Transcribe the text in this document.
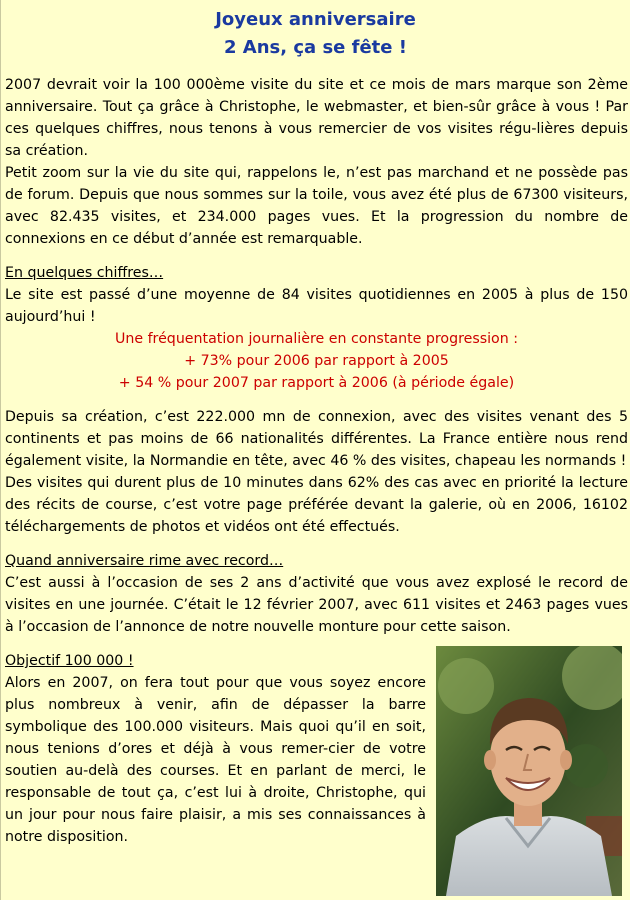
Joyeux anniversaire
2 Ans, ça se fête !

2007 devrait voir la 100 000ème visite du site et ce mois de mars marque son 2ème anniversaire. Tout ça grâce à Christophe, le webmaster, et bien-sûr grâce à vous ! Par ces quelques chiffres, nous tenons à vous remercier de vos visites régu-lières depuis sa création.

Petit zoom sur la vie du site qui, rappelons le, n’est pas marchand et ne possède pas de forum. Depuis que nous sommes sur la toile, vous avez été plus de 67300 visiteurs, avec 82.435 visites, et 234.000 pages vues. Et la progression du nombre de connexions en ce début d’année est remarquable.

En quelques chiffres…

Le site est passé d’une moyenne de 84 visites quotidiennes en 2005 à plus de 150 aujourd’hui !

Une fréquentation journalière en constante progression :
+ 73% pour 2006 par rapport à 2005
+ 54 % pour 2007 par rapport à 2006 (à période égale)

Depuis sa création, c’est 222.000 mn de connexion, avec des visites venant des 5 continents et pas moins de 66 nationalités différentes. La France entière nous rend également visite, la Normandie en tête, avec 46 % des visites, chapeau les normands !

Des visites qui durent plus de 10 minutes dans 62% des cas avec en priorité la lecture des récits de course, c’est votre page préférée devant la galerie, où en 2006, 16102 téléchargements de photos et vidéos ont été effectués.

Quand anniversaire rime avec record…

C’est aussi à l’occasion de ses 2 ans d’activité que vous avez explosé le record de visites en une journée. C’était le 12 février 2007, avec 611 visites et 2463 pages vues à l’occasion de l’annonce de notre nouvelle monture pour cette saison.

Objectif 100 000 !

Alors en 2007, on fera tout pour que vous soyez encore plus nombreux à venir, afin de dépasser la barre symbolique des 100.000 visiteurs. Mais quoi qu’il en soit, nous tenions d’ores et déjà à vous remer-cier de votre soutien au-delà des courses. Et en parlant de merci, le responsable de tout ça, c’est lui à droite, Christophe, qui un jour pour nous faire plaisir, a mis ses connaissances à notre disposition.
